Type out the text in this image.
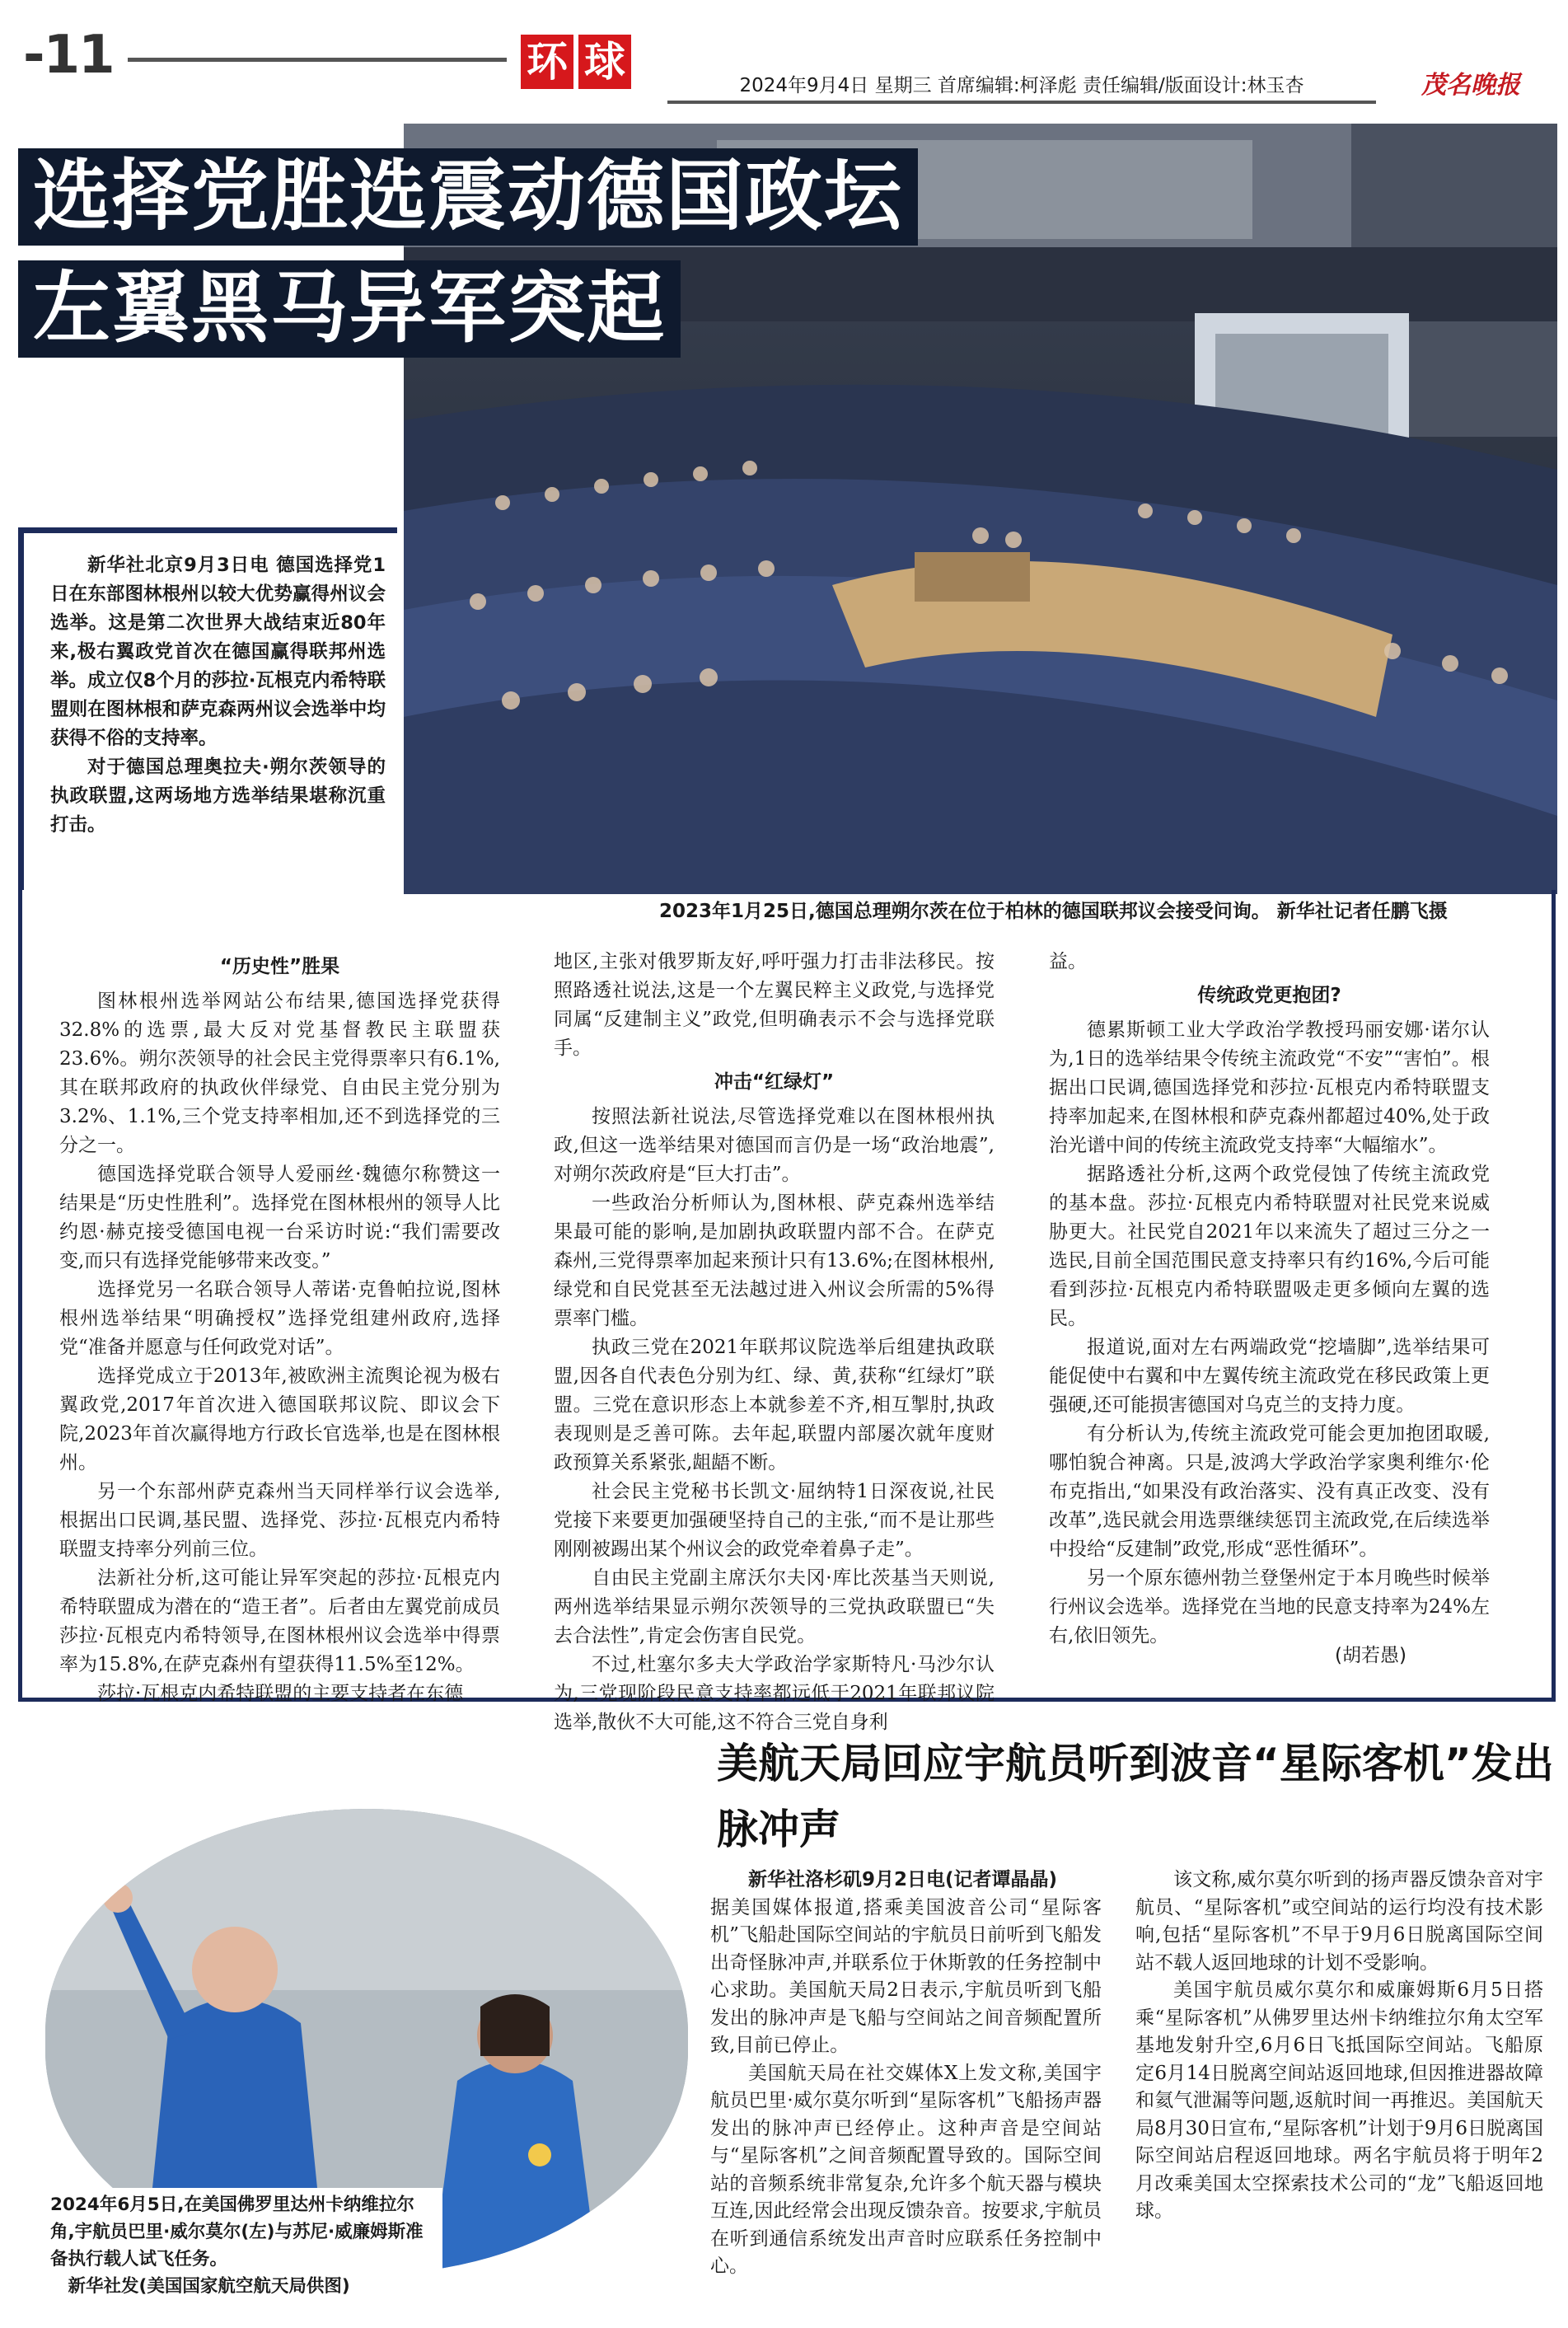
-11	环 球	2024年9月4日 星期三 首席编辑:柯泽彪 责任编辑/版面设计:林玉杏	茂名晚报
选择党胜选震动德国政坛
左翼黑马异军突起

新华社北京9月3日电 德国选择党1日在东部图林根州以较大优势赢得州议会选举。这是第二次世界大战结束近80年来,极右翼政党首次在德国赢得联邦州选举。成立仅8个月的莎拉·瓦根克内希特联盟则在图林根和萨克森两州议会选举中均获得不俗的支持率。

对于德国总理奥拉夫·朔尔茨领导的执政联盟,这两场地方选举结果堪称沉重打击。

2023年1月25日,德国总理朔尔茨在位于柏林的德国联邦议会接受问询。 新华社记者任鹏飞摄
“历史性”胜果

图林根州选举网站公布结果,德国选择党获得32.8%的选票,最大反对党基督教民主联盟获23.6%。朔尔茨领导的社会民主党得票率只有6.1%,其在联邦政府的执政伙伴绿党、自由民主党分别为3.2%、1.1%,三个党支持率相加,还不到选择党的三分之一。

德国选择党联合领导人爱丽丝·魏德尔称赞这一结果是“历史性胜利”。选择党在图林根州的领导人比约恩·赫克接受德国电视一台采访时说:“我们需要改变,而只有选择党能够带来改变。”

选择党另一名联合领导人蒂诺·克鲁帕拉说,图林根州选举结果“明确授权”选择党组建州政府,选择党“准备并愿意与任何政党对话”。

选择党成立于2013年,被欧洲主流舆论视为极右翼政党,2017年首次进入德国联邦议院、即议会下院,2023年首次赢得地方行政长官选举,也是在图林根州。

另一个东部州萨克森州当天同样举行议会选举,根据出口民调,基民盟、选择党、莎拉·瓦根克内希特联盟支持率分列前三位。

法新社分析,这可能让异军突起的莎拉·瓦根克内希特联盟成为潜在的“造王者”。后者由左翼党前成员莎拉·瓦根克内希特领导,在图林根州议会选举中得票率为15.8%,在萨克森州有望获得11.5%至12%。

莎拉·瓦根克内希特联盟的主要支持者在东德

地区,主张对俄罗斯友好,呼吁强力打击非法移民。按照路透社说法,这是一个左翼民粹主义政党,与选择党同属“反建制主义”政党,但明确表示不会与选择党联手。

冲击“红绿灯”

按照法新社说法,尽管选择党难以在图林根州执政,但这一选举结果对德国而言仍是一场“政治地震”,对朔尔茨政府是“巨大打击”。

一些政治分析师认为,图林根、萨克森州选举结果最可能的影响,是加剧执政联盟内部不合。在萨克森州,三党得票率加起来预计只有13.6%;在图林根州,绿党和自民党甚至无法越过进入州议会所需的5%得票率门槛。

执政三党在2021年联邦议院选举后组建执政联盟,因各自代表色分别为红、绿、黄,获称“红绿灯”联盟。三党在意识形态上本就参差不齐,相互掣肘,执政表现则是乏善可陈。去年起,联盟内部屡次就年度财政预算关系紧张,龃龉不断。

社会民主党秘书长凯文·屈纳特1日深夜说,社民党接下来要更加强硬坚持自己的主张,“而不是让那些刚刚被踢出某个州议会的政党牵着鼻子走”。

自由民主党副主席沃尔夫冈·库比茨基当天则说,两州选举结果显示朔尔茨领导的三党执政联盟已“失去合法性”,肯定会伤害自民党。

不过,杜塞尔多夫大学政治学家斯特凡·马沙尔认为,三党现阶段民意支持率都远低于2021年联邦议院选举,散伙不大可能,这不符合三党自身利

益。

传统政党更抱团?

德累斯顿工业大学政治学教授玛丽安娜·诺尔认为,1日的选举结果令传统主流政党“不安”“害怕”。根据出口民调,德国选择党和莎拉·瓦根克内希特联盟支持率加起来,在图林根和萨克森州都超过40%,处于政治光谱中间的传统主流政党支持率“大幅缩水”。

据路透社分析,这两个政党侵蚀了传统主流政党的基本盘。莎拉·瓦根克内希特联盟对社民党来说威胁更大。社民党自2021年以来流失了超过三分之一选民,目前全国范围民意支持率只有约16%,今后可能看到莎拉·瓦根克内希特联盟吸走更多倾向左翼的选民。

报道说,面对左右两端政党“挖墙脚”,选举结果可能促使中右翼和中左翼传统主流政党在移民政策上更强硬,还可能损害德国对乌克兰的支持力度。

有分析认为,传统主流政党可能会更加抱团取暖,哪怕貌合神离。只是,波鸿大学政治学家奥利维尔·伦布克指出,“如果没有政治落实、没有真正改变、没有改革”,选民就会用选票继续惩罚主流政党,在后续选举中投给“反建制”政党,形成“恶性循环”。

另一个原东德州勃兰登堡州定于本月晚些时候举行州议会选举。选择党在当地的民意支持率为24%左右,依旧领先。

(胡若愚)
美航天局回应宇航员听到波音“星际客机”发出脉冲声
2024年6月5日,在美国佛罗里达州卡纳维拉尔角,宇航员巴里·威尔莫尔(左)与苏尼·威廉姆斯准备执行载人试飞任务。
新华社发(美国国家航空航天局供图)

新华社洛杉矶9月2日电(记者谭晶晶)

据美国媒体报道,搭乘美国波音公司“星际客机”飞船赴国际空间站的宇航员日前听到飞船发出奇怪脉冲声,并联系位于休斯敦的任务控制中心求助。美国航天局2日表示,宇航员听到飞船发出的脉冲声是飞船与空间站之间音频配置所致,目前已停止。

美国航天局在社交媒体X上发文称,美国宇航员巴里·威尔莫尔听到“星际客机”飞船扬声器发出的脉冲声已经停止。这种声音是空间站与“星际客机”之间音频配置导致的。国际空间站的音频系统非常复杂,允许多个航天器与模块互连,因此经常会出现反馈杂音。按要求,宇航员在听到通信系统发出声音时应联系任务控制中心。

该文称,威尔莫尔听到的扬声器反馈杂音对宇航员、“星际客机”或空间站的运行均没有技术影响,包括“星际客机”不早于9月6日脱离国际空间站不载人返回地球的计划不受影响。

美国宇航员威尔莫尔和威廉姆斯6月5日搭乘“星际客机”从佛罗里达州卡纳维拉尔角太空军基地发射升空,6月6日飞抵国际空间站。飞船原定6月14日脱离空间站返回地球,但因推进器故障和氦气泄漏等问题,返航时间一再推迟。美国航天局8月30日宣布,“星际客机”计划于9月6日脱离国际空间站启程返回地球。两名宇航员将于明年2月改乘美国太空探索技术公司的“龙”飞船返回地球。
